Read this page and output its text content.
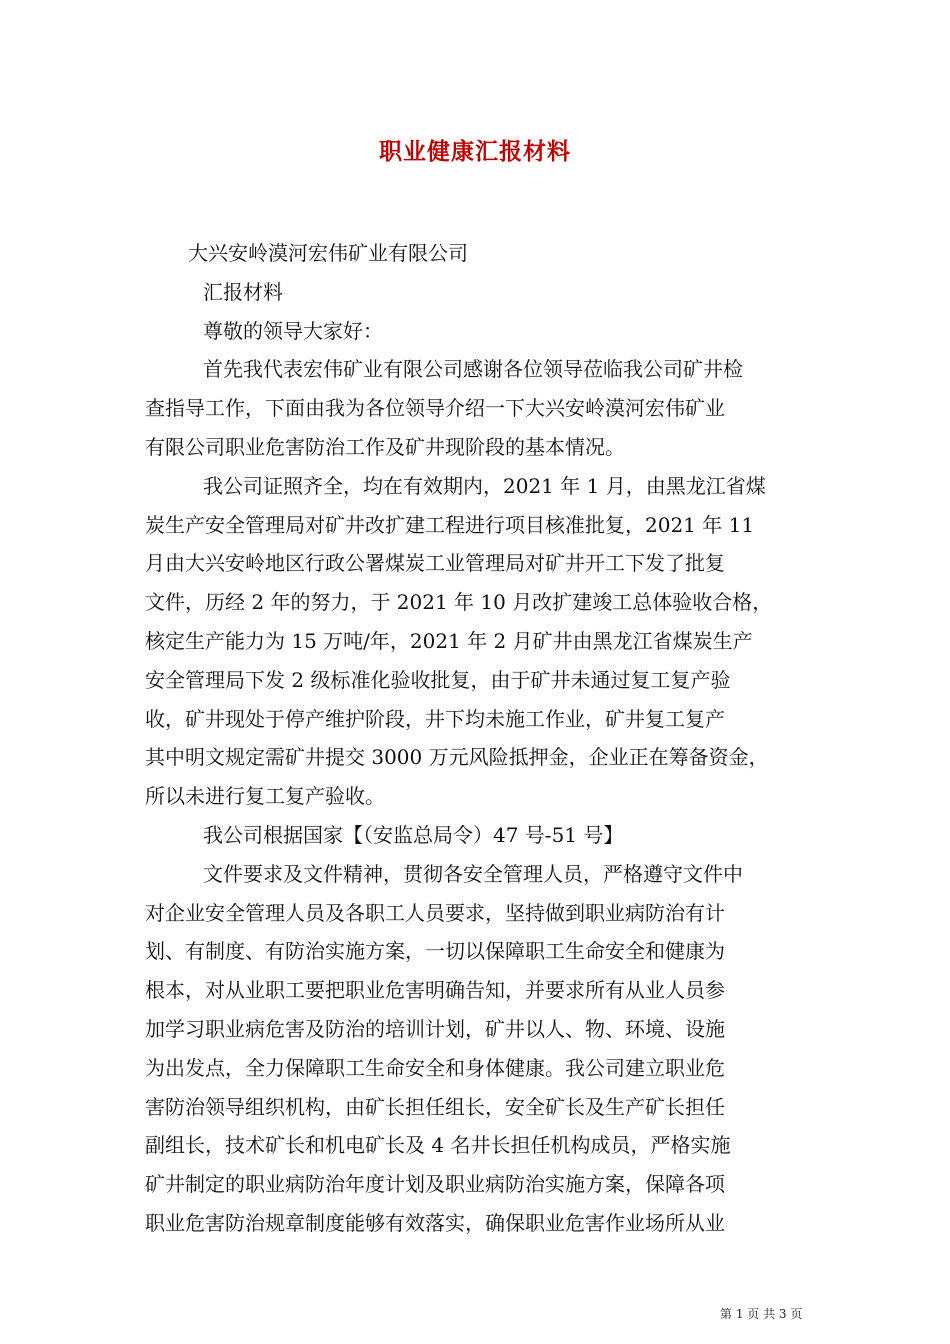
职业健康汇报材料
大兴安岭漠河宏伟矿业有限公司
汇报材料
尊敬的领导大家好：
首先我代表宏伟矿业有限公司感谢各位领导莅临我公司矿井检
查指导工作，下面由我为各位领导介绍一下大兴安岭漠河宏伟矿业
有限公司职业危害防治工作及矿井现阶段的基本情况。
我公司证照齐全，均在有效期内，2021 年 1 月，由黑龙江省煤
炭生产安全管理局对矿井改扩建工程进行项目核准批复，2021 年 11
月由大兴安岭地区行政公署煤炭工业管理局对矿井开工下发了批复
文件，历经 2 年的努力，于 2021 年 10 月改扩建竣工总体验收合格，
核定生产能力为 15 万吨/年，2021 年 2 月矿井由黑龙江省煤炭生产
安全管理局下发 2 级标准化验收批复，由于矿井未通过复工复产验
收，矿井现处于停产维护阶段，井下均未施工作业，矿井复工复产
其中明文规定需矿井提交 3000 万元风险抵押金，企业正在筹备资金，
所以未进行复工复产验收。
我公司根据国家【（安监总局令）47 号-51 号】
文件要求及文件精神，贯彻各安全管理人员，严格遵守文件中
对企业安全管理人员及各职工人员要求，坚持做到职业病防治有计
划、有制度、有防治实施方案，一切以保障职工生命安全和健康为
根本，对从业职工要把职业危害明确告知，并要求所有从业人员参
加学习职业病危害及防治的培训计划，矿井以人、物、环境、设施
为出发点，全力保障职工生命安全和身体健康。我公司建立职业危
害防治领导组织机构，由矿长担任组长，安全矿长及生产矿长担任
副组长，技术矿长和机电矿长及 4 名井长担任机构成员，严格实施
矿井制定的职业病防治年度计划及职业病防治实施方案，保障各项
职业危害防治规章制度能够有效落实，确保职业危害作业场所从业
第 1 页 共 3 页
